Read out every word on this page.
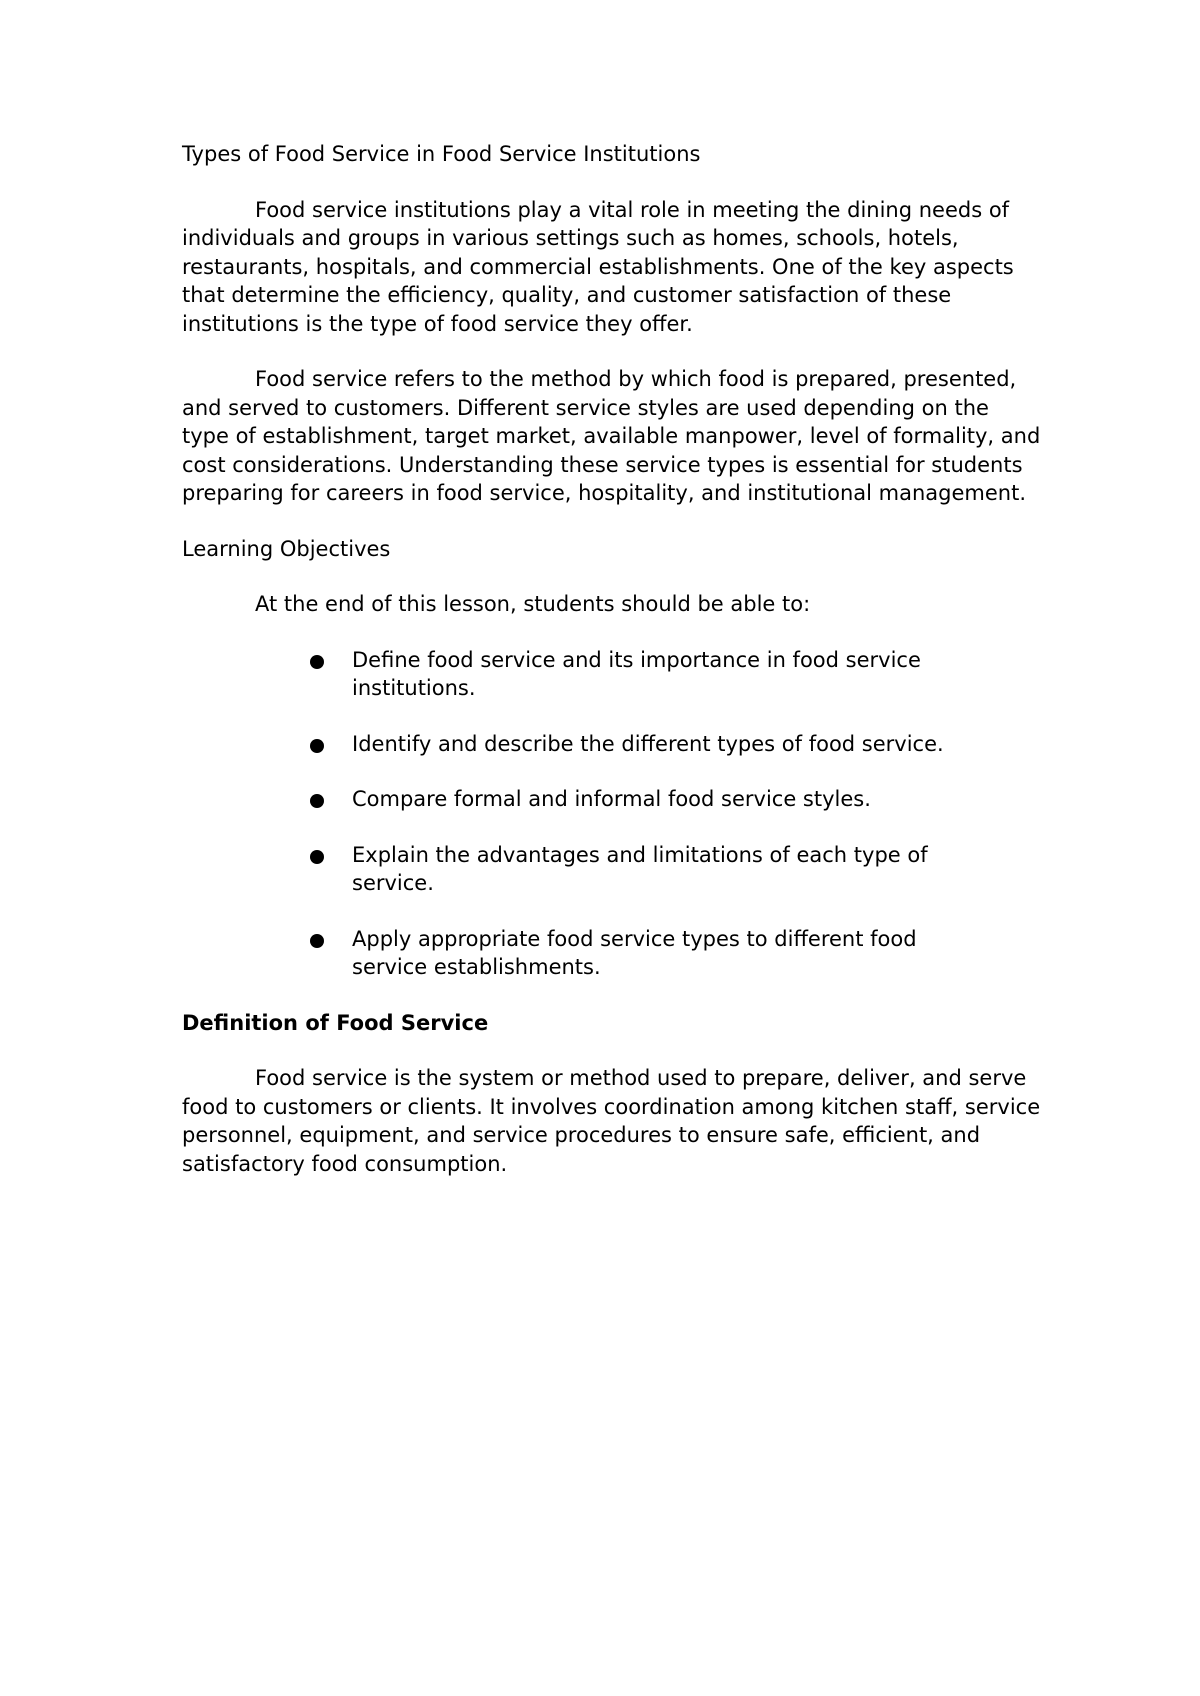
Types of Food Service in Food Service Institutions

Food service institutions play a vital role in meeting the dining needs of individuals and groups in various settings such as homes, schools, hotels, restaurants, hospitals, and commercial establishments. One of the key aspects that determine the efficiency, quality, and customer satisfaction of these institutions is the type of food service they offer.

Food service refers to the method by which food is prepared, presented, and served to customers. Different service styles are used depending on the type of establishment, target market, available manpower, level of formality, and cost considerations. Understanding these service types is essential for students preparing for careers in food service, hospitality, and institutional management.

Learning Objectives

At the end of this lesson, students should be able to:

Define food service and its importance in food service institutions.
Identify and describe the different types of food service.
Compare formal and informal food service styles.
Explain the advantages and limitations of each type of service.
Apply appropriate food service types to different food service establishments.
Definition of Food Service

Food service is the system or method used to prepare, deliver, and serve food to customers or clients. It involves coordination among kitchen staff, service personnel, equipment, and service procedures to ensure safe, efficient, and satisfactory food consumption.
